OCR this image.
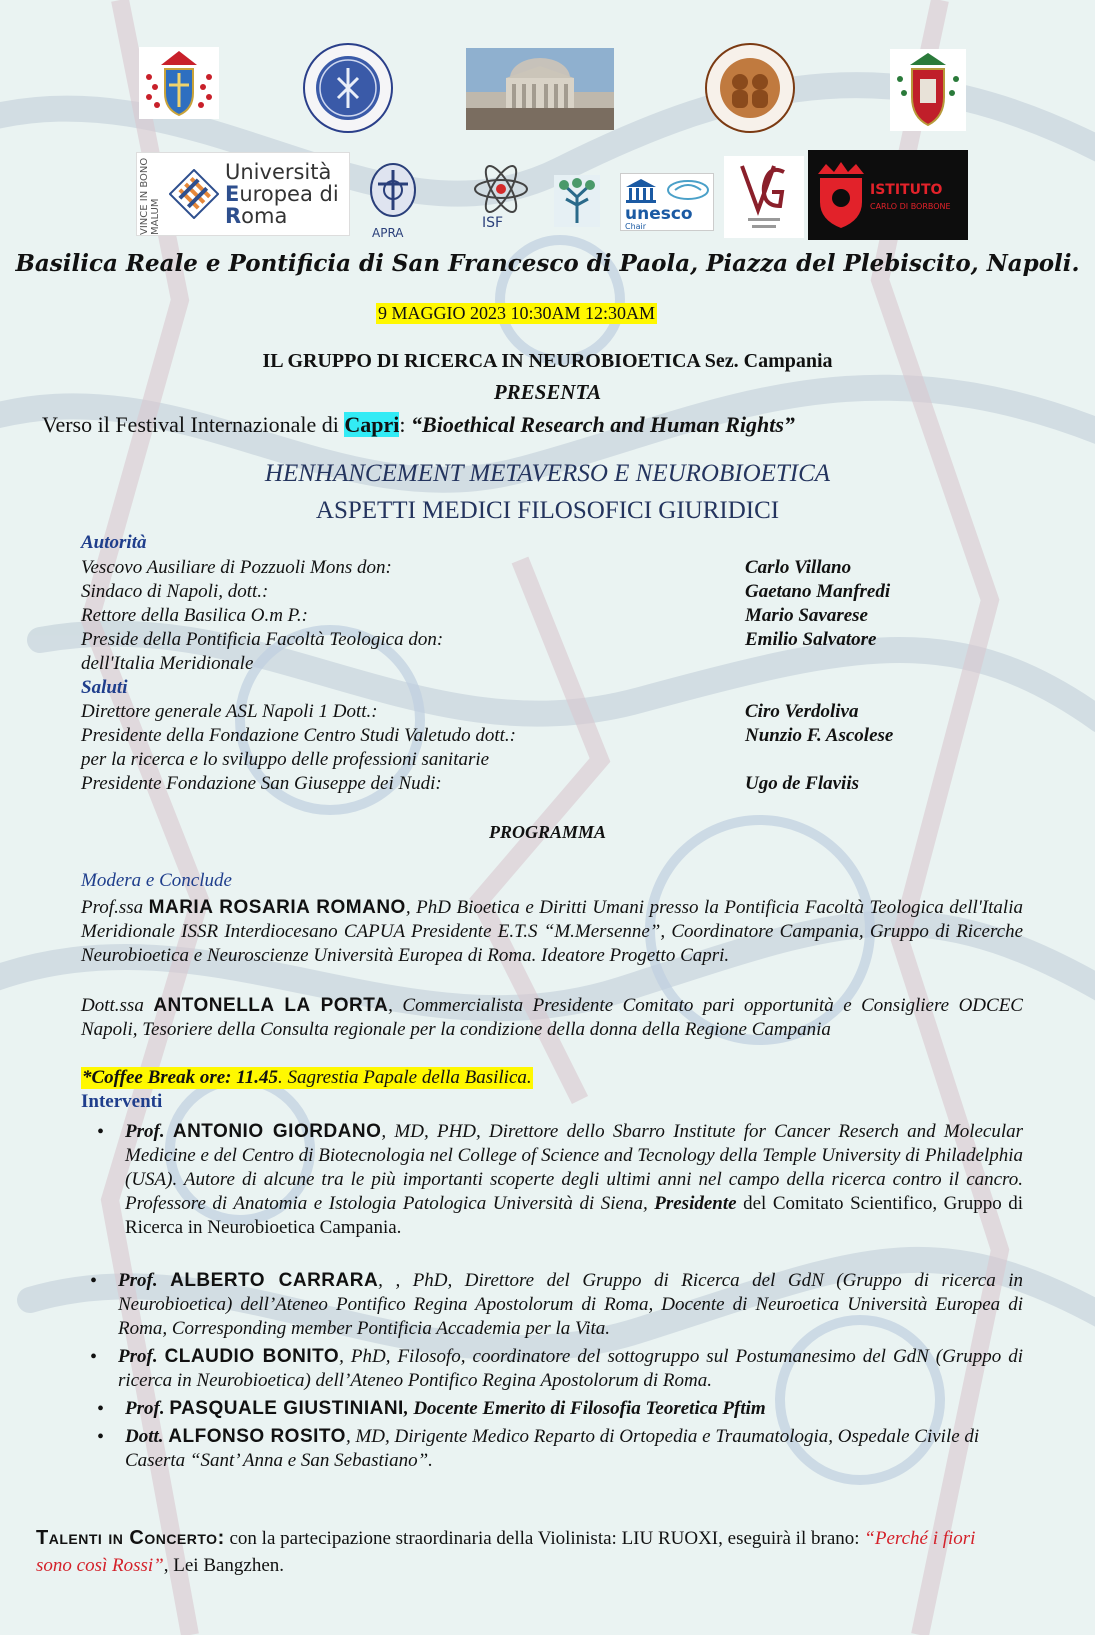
VINCE IN BONO MALUM
Università
Europea di
Roma
APRA
ISF	unesco
Chair
ISTITUTO
CARLO DI BORBONE

Basilica Reale e Pontificia di San Francesco di Paola, Piazza del Plebiscito, Napoli.

9 MAGGIO 2023 10:30AM 12:30AM

IL GRUPPO DI RICERCA IN NEUROBIOETICA Sez. Campania

PRESENTA

Verso il Festival Internazionale di Capri: “Bioethical Research and Human Rights”

HENHANCEMENT METAVERSO E NEUROBIOETICA

ASPETTI MEDICI FILOSOFICI GIURIDICI

Autorità

Vescovo Ausiliare di Pozzuoli Mons don:	Carlo Villano

Sindaco di Napoli, dott.:	Gaetano Manfredi

Rettore della Basilica O.m P.:	Mario Savarese

Preside della Pontificia Facoltà Teologica don:	Emilio Salvatore

dell'Italia Meridionale

Saluti

Direttore generale ASL Napoli 1 Dott.:	Ciro Verdoliva

Presidente della Fondazione Centro Studi Valetudo dott.:	Nunzio F. Ascolese

per la ricerca e lo sviluppo delle professioni sanitarie

Presidente Fondazione San Giuseppe dei Nudi:	Ugo de Flaviis

PROGRAMMA

Modera e Conclude

Prof.ssa MARIA ROSARIA ROMANO, PhD Bioetica e Diritti Umani presso la Pontificia Facoltà Teologica dell'Italia Meridionale ISSR Interdiocesano CAPUA Presidente E.T.S “M.Mersenne”, Coordinatore Campania, Gruppo di Ricerche Neurobioetica e Neuroscienze Università Europea di Roma. Ideatore Progetto Capri.

Dott.ssa ANTONELLA LA PORTA, Commercialista Presidente Comitato pari opportunità e Consigliere ODCEC Napoli, Tesoriere della Consulta regionale per la condizione della donna della Regione Campania

*Coffee Break ore: 11.45. Sagrestia Papale della Basilica.

Interventi

• Prof. ANTONIO GIORDANO, MD, PHD, Direttore dello Sbarro Institute for Cancer Reserch and Molecular Medicine e del Centro di Biotecnologia nel College of Science and Tecnology della Temple University di Philadelphia (USA). Autore di alcune tra le più importanti scoperte degli ultimi anni nel campo della ricerca contro il cancro. Professore di Anatomia e Istologia Patologica Università di Siena, Presidente del Comitato Scientifico, Gruppo di Ricerca in Neurobioetica Campania.

• Prof. ALBERTO CARRARA, , PhD, Direttore del Gruppo di Ricerca del GdN (Gruppo di ricerca in Neurobioetica) dell’Ateneo Pontifico Regina Apostolorum di Roma, Docente di Neuroetica Università Europea di Roma, Corresponding member Pontificia Accademia per la Vita.

• Prof. CLAUDIO BONITO, PhD, Filosofo, coordinatore del sottogruppo sul Postumanesimo del GdN (Gruppo di ricerca in Neurobioetica) dell’Ateneo Pontifico Regina Apostolorum di Roma.

• Prof. PASQUALE GIUSTINIANI, Docente Emerito di Filosofia Teoretica Pftim

• Dott. ALFONSO ROSITO, MD, Dirigente Medico Reparto di Ortopedia e Traumatologia, Ospedale Civile di Caserta “Sant’ Anna e San Sebastiano”.

Talenti in Concerto: con la partecipazione straordinaria della Violinista: LIU RUOXI, eseguirà il brano: “Perché i fiori sono così Rossi”, Lei Bangzhen.
